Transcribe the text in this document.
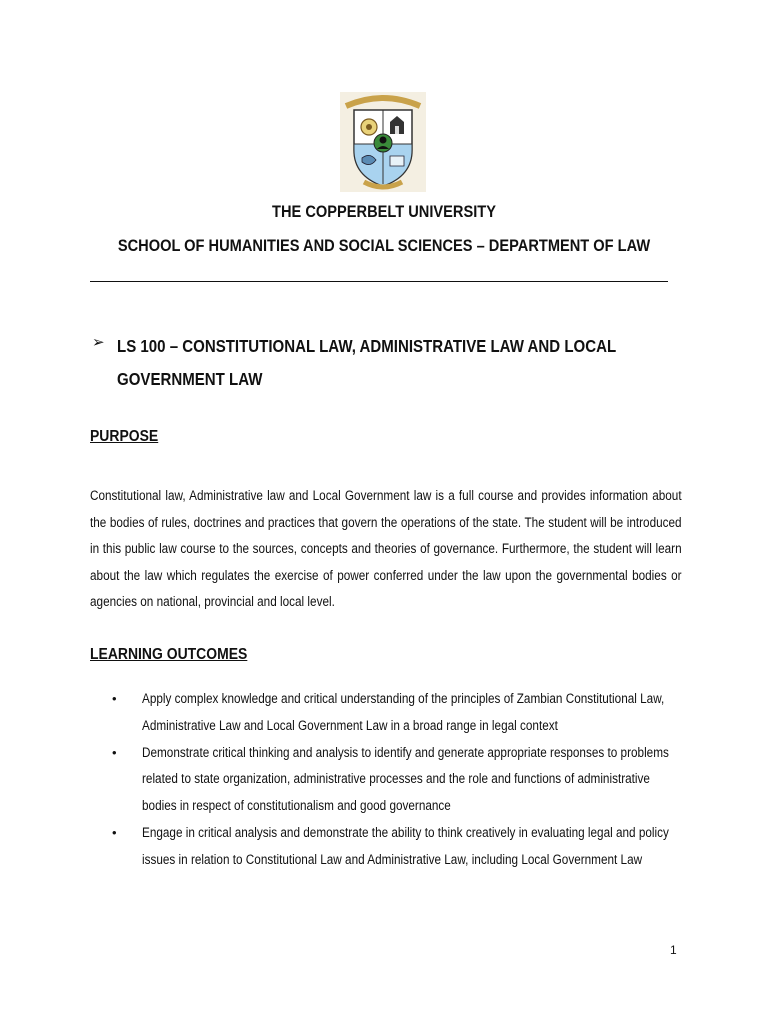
THE COPPERBELT UNIVERSITY
SCHOOL OF HUMANITIES AND SOCIAL SCIENCES – DEPARTMENT OF LAW
➢ LS 100 – CONSTITUTIONAL LAW, ADMINISTRATIVE LAW AND LOCAL GOVERNMENT LAW
PURPOSE
Constitutional law, Administrative law and Local Government law is a full course and provides information about the bodies of rules, doctrines and practices that govern the operations of the state. The student will be introduced in this public law course to the sources, concepts and theories of governance. Furthermore, the student will learn about the law which regulates the exercise of power conferred under the law upon the governmental bodies or agencies on national, provincial and local level.
LEARNING OUTCOMES
• Apply complex knowledge and critical understanding of the principles of Zambian Constitutional Law, Administrative Law and Local Government Law in a broad range in legal context
• Demonstrate critical thinking and analysis to identify and generate appropriate responses to problems related to state organization, administrative processes and the role and functions of administrative bodies in respect of constitutionalism and good governance
• Engage in critical analysis and demonstrate the ability to think creatively in evaluating legal and policy issues in relation to Constitutional Law and Administrative Law, including Local Government Law
1
